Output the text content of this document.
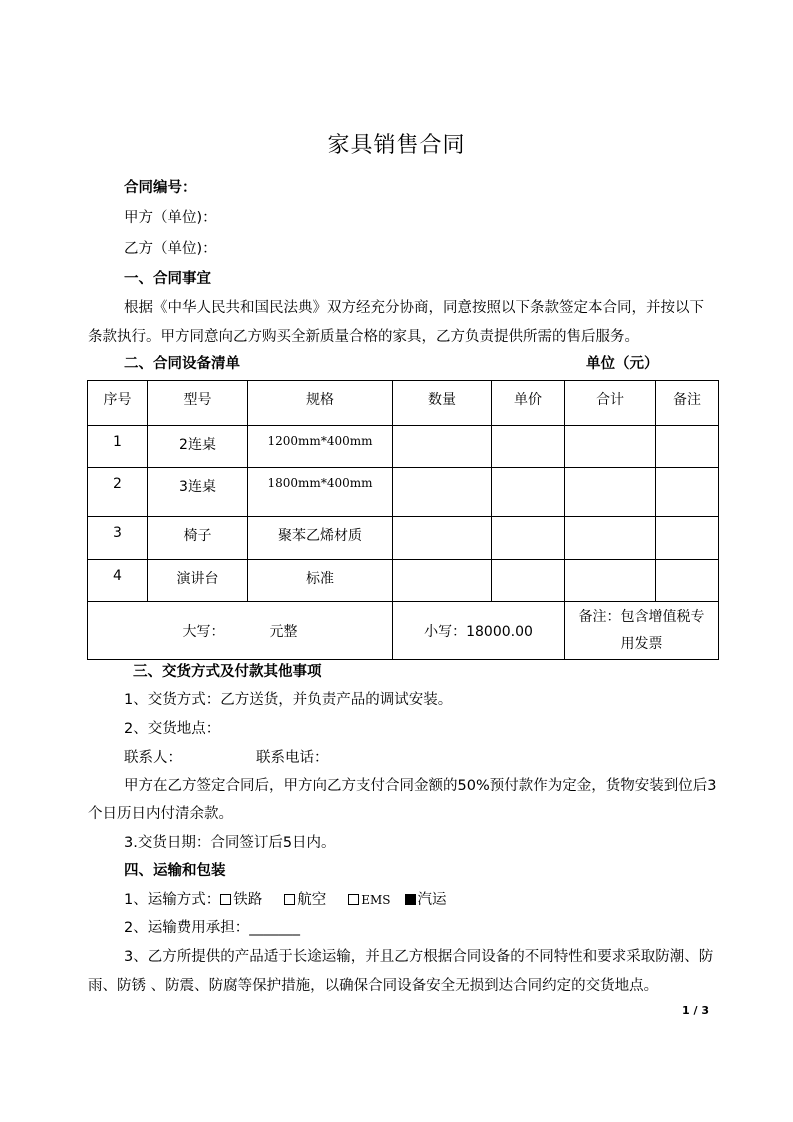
家具销售合同
合同编号：
甲方（单位)：
乙方（单位)：
一、合同事宜
根据《中华人民共和国民法典》双方经充分协商，同意按照以下条款签定本合同，并按以下
条款执行。甲方同意向乙方购买全新质量合格的家具，乙方负责提供所需的售后服务。
二、合同设备清单	单位（元）
序号	型号	规格	数量	单价	合计	备注
1	2连桌	1200mm*400mm				
2	3连桌	1800mm*400mm				
3	椅子	聚苯乙烯材质				
4	演讲台	标准				
大写： 元整			小写：18000.00		备注：包含增值税专
用发票	
三、交货方式及付款其他事项
1、交货方式：乙方送货，并负责产品的调试安装。
2、交货地点：
联系人：	联系电话：
甲方在乙方签定合同后，甲方向乙方支付合同金额的50%预付款作为定金，货物安装到位后3
个日历日内付清余款。
3.交货日期：合同签订后5日内。
四、运输和包装
1、运输方式： 铁路 航空	EMS 汽运
2、运输费用承担：_______
3、乙方所提供的产品适于长途运输，并且乙方根据合同设备的不同特性和要求采取防潮、防
雨、防锈 、防震、防腐等保护措施，以确保合同设备安全无损到达合同约定的交货地点。
1 / 3
